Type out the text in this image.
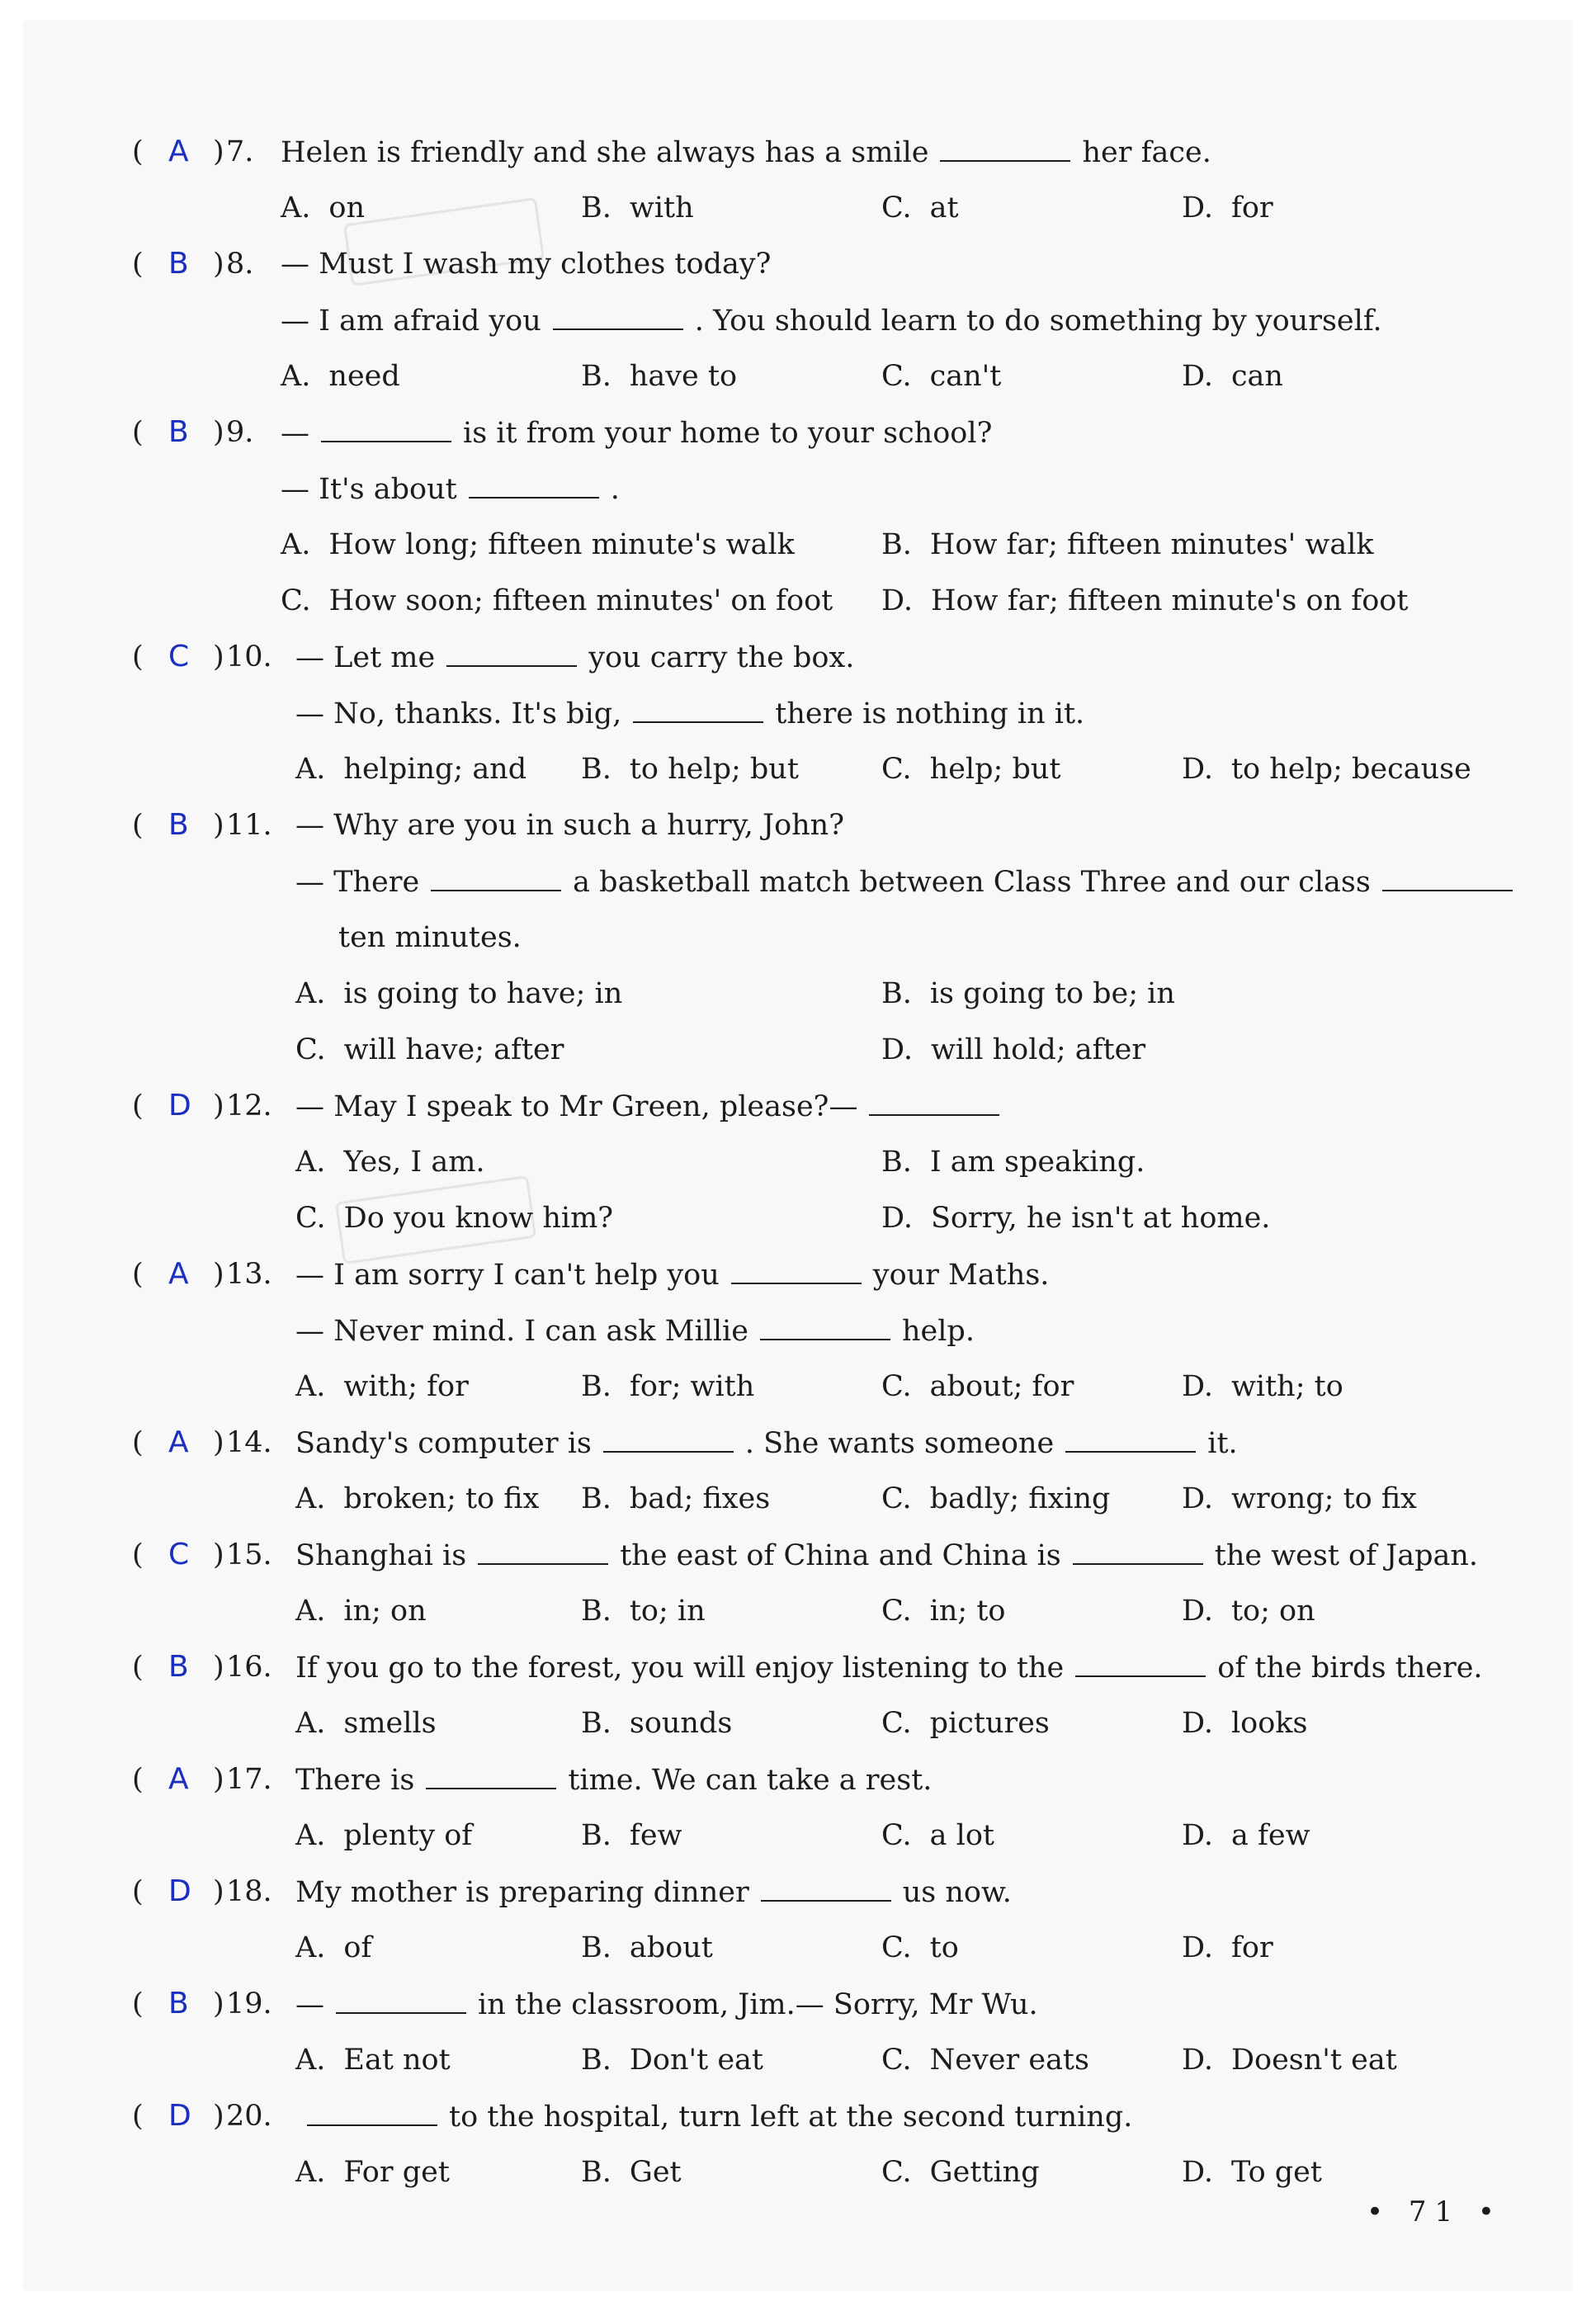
( A ) 7. Helen is friendly and she always has a smile	her face.
A. on	B. with	C. at	D. for
( B ) 8. — Must I wash my clothes today?
— I am afraid you	. You should learn to do something by yourself.
A. need	B. have to	C. can't	D. can
( B ) 9. —	is it from your home to your school?
— It's about	.
A. How long; fifteen minute's walk	B. How far; fifteen minutes' walk
C. How soon; fifteen minutes' on foot D. How far; fifteen minute's on foot
( C ) 10. — Let me	you carry the box.
— No, thanks. It's big,	there is nothing in it.
A. helping; and B. to help; but	C. help; but	D. to help; because
( B ) 11. — Why are you in such a hurry, John?
— There	a basketball match between Class Three and our class
ten minutes.
A. is going to have; in	B. is going to be; in
C. will have; after	D. will hold; after
( D ) 12. — May I speak to Mr Green, please?—
A. Yes, I am.	B. I am speaking.
C. Do you know him?	D. Sorry, he isn't at home.
( A ) 13. — I am sorry I can't help you	your Maths.
— Never mind. I can ask Millie	help.
A. with; for	B. for; with	C. about; for	D. with; to
( A ) 14. Sandy's computer is	. She wants someone	it.
A. broken; to fix B. bad; fixes	C. badly; fixing D. wrong; to fix
( C ) 15. Shanghai is	the east of China and China is	the west of Japan.
A. in; on	B. to; in	C. in; to	D. to; on
( B ) 16. If you go to the forest, you will enjoy listening to the	of the birds there.
A. smells	B. sounds	C. pictures	D. looks
( A ) 17. There is	time. We can take a rest.
A. plenty of	B. few	C. a lot	D. a few
( D ) 18. My mother is preparing dinner	us now.
A. of	B. about	C. to	D. for
( B ) 19. —	in the classroom, Jim.— Sorry, Mr Wu.
A. Eat not	B. Don't eat	C. Never eats	D. Doesn't eat
( D ) 20.	to the hospital, turn left at the second turning.
A. For get	B. Get	C. Getting	D. To get
• 71 •
